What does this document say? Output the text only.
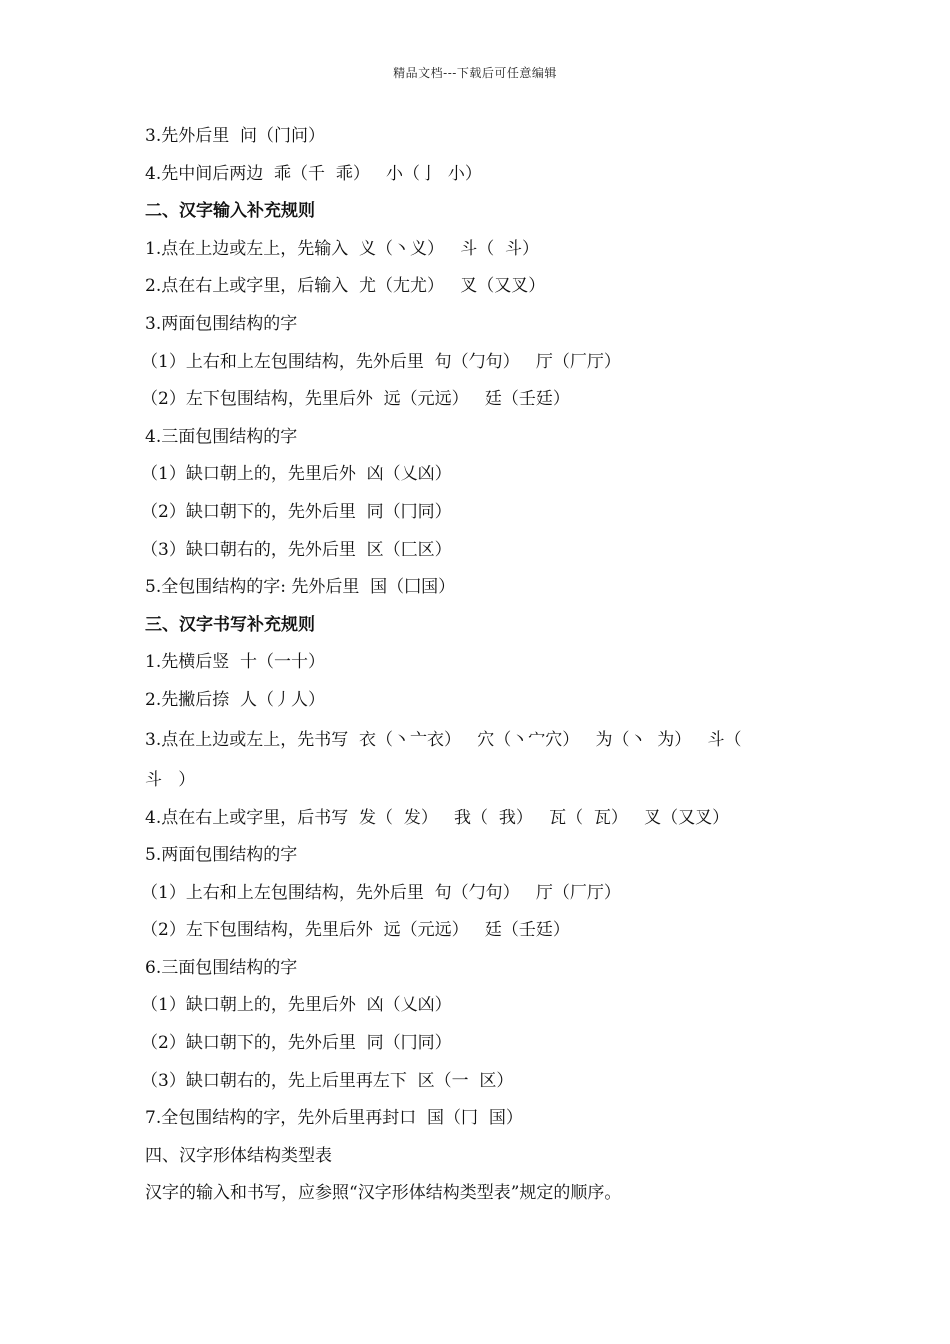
精品文档---下载后可任意编辑
3.先外后里  问（门问）
4.先中间后两边  乖（千  乖）   小（亅  小）
二、汉字输入补充规则
1.点在上边或左上，先输入  义（丶义）   斗（  斗）
2.点在右上或字里，后输入  尤（尢尤）   叉（又叉）
3.两面包围结构的字
（1）上右和上左包围结构，先外后里  句（勹句）   厅（厂厅）
（2）左下包围结构，先里后外  远（元远）   廷（壬廷）
4.三面包围结构的字
（1）缺口朝上的，先里后外  凶（乂凶）
（2）缺口朝下的，先外后里  同（冂同）
（3）缺口朝右的，先外后里  区（匚区）
5.全包围结构的字: 先外后里  国（囗国）
三、汉字书写补充规则
1.先横后竖  十（一十）
2.先撇后捺  人（丿人）
3.点在上边或左上，先书写  衣（丶亠衣）   穴（丶宀穴）   为（丶  为）   斗（
斗   ）
4.点在右上或字里，后书写  发（  发）   我（  我）   瓦（  瓦）   叉（又叉）
5.两面包围结构的字
（1）上右和上左包围结构，先外后里  句（勹句）   厅（厂厅）
（2）左下包围结构，先里后外  远（元远）   廷（壬廷）
6.三面包围结构的字
（1）缺口朝上的，先里后外  凶（乂凶）
（2）缺口朝下的，先外后里  同（冂同）
（3）缺口朝右的，先上后里再左下  区（一  区）
7.全包围结构的字，先外后里再封口  国（冂  国）
四、汉字形体结构类型表
汉字的输入和书写，应参照“汉字形体结构类型表”规定的顺序。
